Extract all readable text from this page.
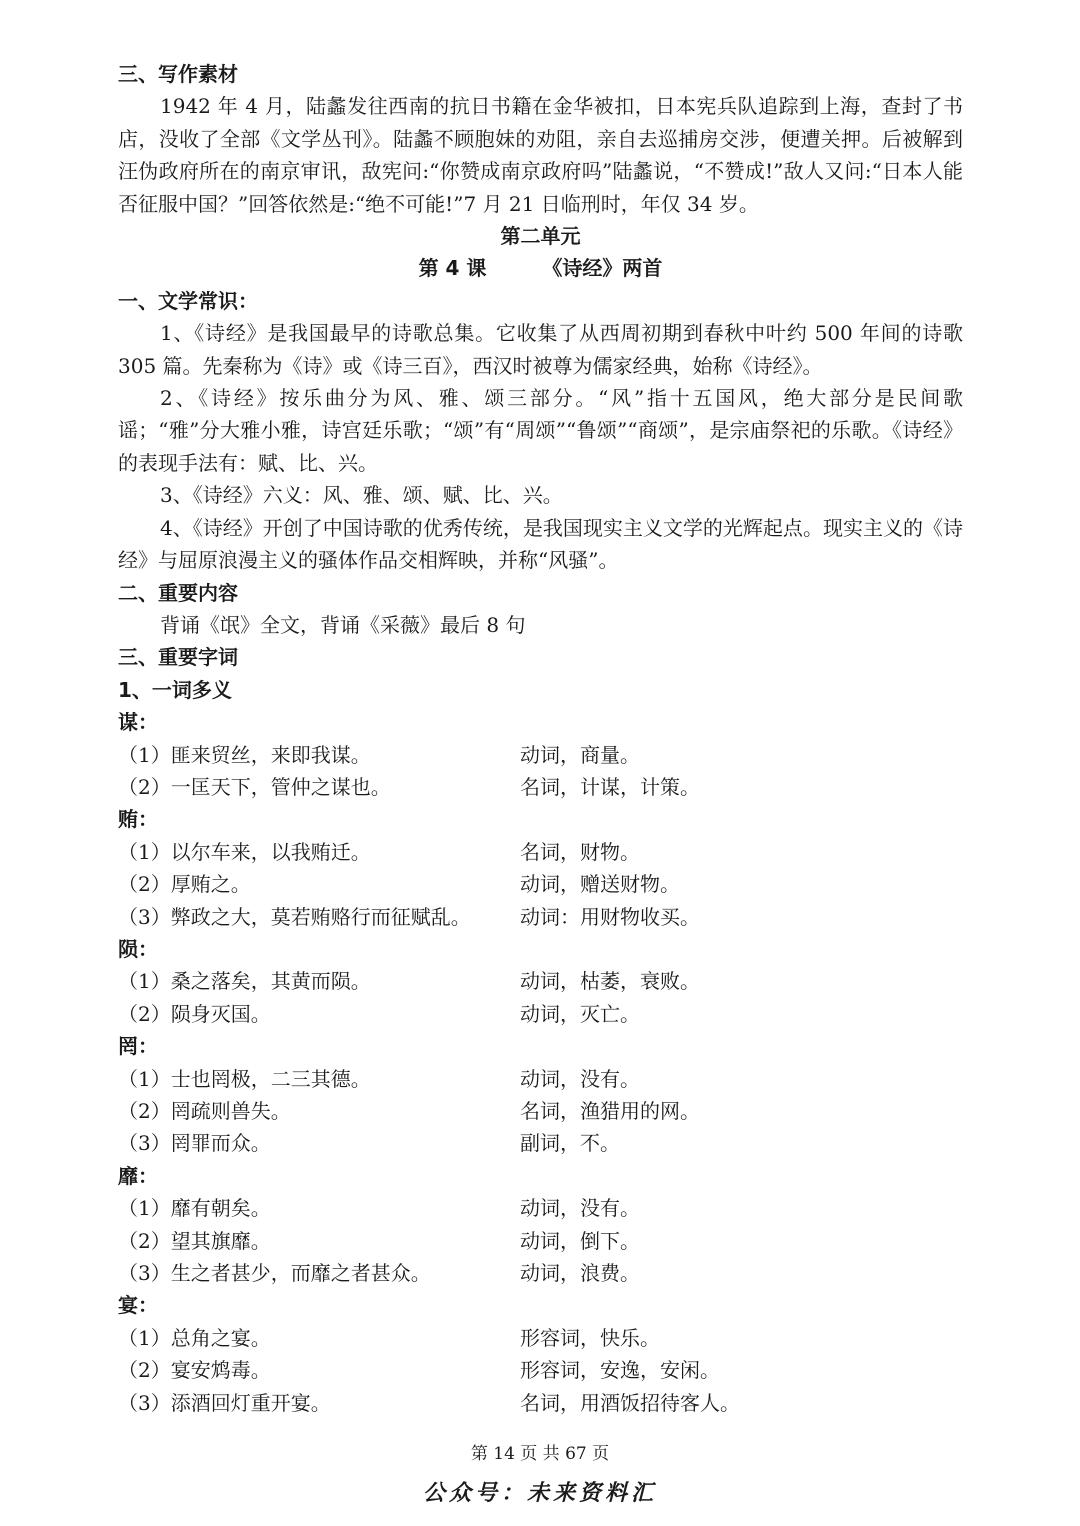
三、写作素材

1942 年 4 月，陆蠡发往西南的抗日书籍在金华被扣，日本宪兵队追踪到上海，查封了书店，没收了全部《文学丛刊》。陆蠡不顾胞妹的劝阻，亲自去巡捕房交涉，便遭关押。后被解到汪伪政府所在的南京审讯，敌宪问:“你赞成南京政府吗”陆蠡说，“不赞成!”敌人又问:“日本人能否征服中国？”回答依然是:“绝不可能!”7 月 21 日临刑时，年仅 34 岁。

第二单元
第 4 课	《诗经》两首
一、文学常识：

1、《诗经》是我国最早的诗歌总集。它收集了从西周初期到春秋中叶约 500 年间的诗歌 305 篇。先秦称为《诗》或《诗三百》，西汉时被尊为儒家经典，始称《诗经》。

2、《诗经》按乐曲分为风、雅、颂三部分。“风”指十五国风，绝大部分是民间歌谣；“雅”分大雅小雅，诗宫廷乐歌；“颂”有“周颂”“鲁颂”“商颂”，是宗庙祭祀的乐歌。《诗经》的表现手法有：赋、比、兴。

3、《诗经》六义：风、雅、颂、赋、比、兴。

4、《诗经》开创了中国诗歌的优秀传统，是我国现实主义文学的光辉起点。现实主义的《诗经》与屈原浪漫主义的骚体作品交相辉映，并称“风骚”。

二、重要内容

背诵《氓》全文，背诵《采薇》最后 8 句

三、重要字词
1、一词多义
谋：
（1）匪来贸丝，来即我谋。	动词，商量。
（2）一匡天下，管仲之谋也。	名词，计谋，计策。
贿：
（1）以尔车来，以我贿迁。	名词，财物。
（2）厚贿之。	动词，赠送财物。
（3）弊政之大，莫若贿赂行而征赋乱。	动词：用财物收买。
陨：
（1）桑之落矣，其黄而陨。	动词，枯萎，衰败。
（2）陨身灭国。	动词，灭亡。
罔：
（1）士也罔极，二三其德。	动词，没有。
（2）罔疏则兽失。	名词，渔猎用的网。
（3）罔罪而众。	副词，不。
靡：
（1）靡有朝矣。	动词，没有。
（2）望其旗靡。	动词，倒下。
（3）生之者甚少，而靡之者甚众。	动词，浪费。
宴：
（1）总角之宴。	形容词，快乐。
（2）宴安鸩毒。	形容词，安逸，安闲。
（3）添酒回灯重开宴。	名词，用酒饭招待客人。
第 14 页 共 67 页
公众号：未来资料汇
